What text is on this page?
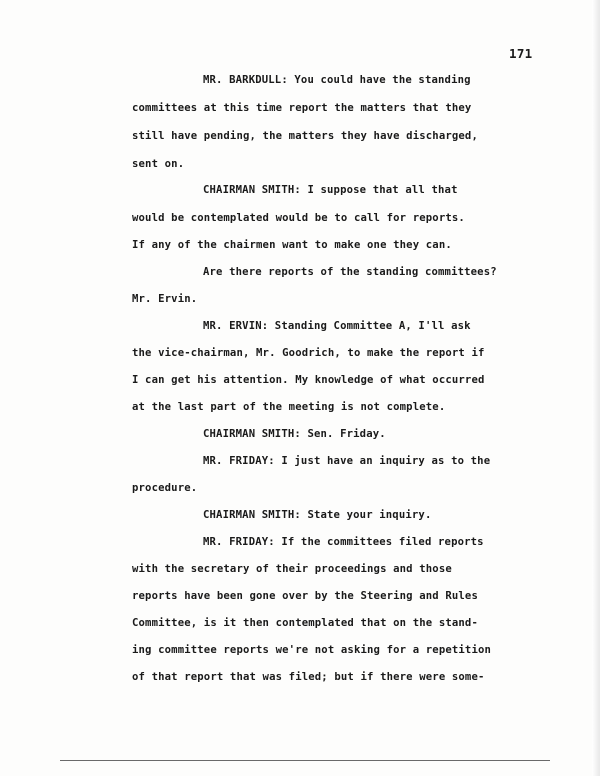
171
MR. BARKDULL: You could have the standing
committees at this time report the matters that they
still have pending, the matters they have discharged,
sent on.
CHAIRMAN SMITH: I suppose that all that
would be contemplated would be to call for reports.
If any of the chairmen want to make one they can.
Are there reports of the standing committees?
Mr. Ervin.
MR. ERVIN: Standing Committee A, I'll ask
the vice-chairman, Mr. Goodrich, to make the report if
I can get his attention. My knowledge of what occurred
at the last part of the meeting is not complete.
CHAIRMAN SMITH: Sen. Friday.
MR. FRIDAY: I just have an inquiry as to the
procedure.
CHAIRMAN SMITH: State your inquiry.
MR. FRIDAY: If the committees filed reports
with the secretary of their proceedings and those
reports have been gone over by the Steering and Rules
Committee, is it then contemplated that on the stand-
ing committee reports we're not asking for a repetition
of that report that was filed; but if there were some-
